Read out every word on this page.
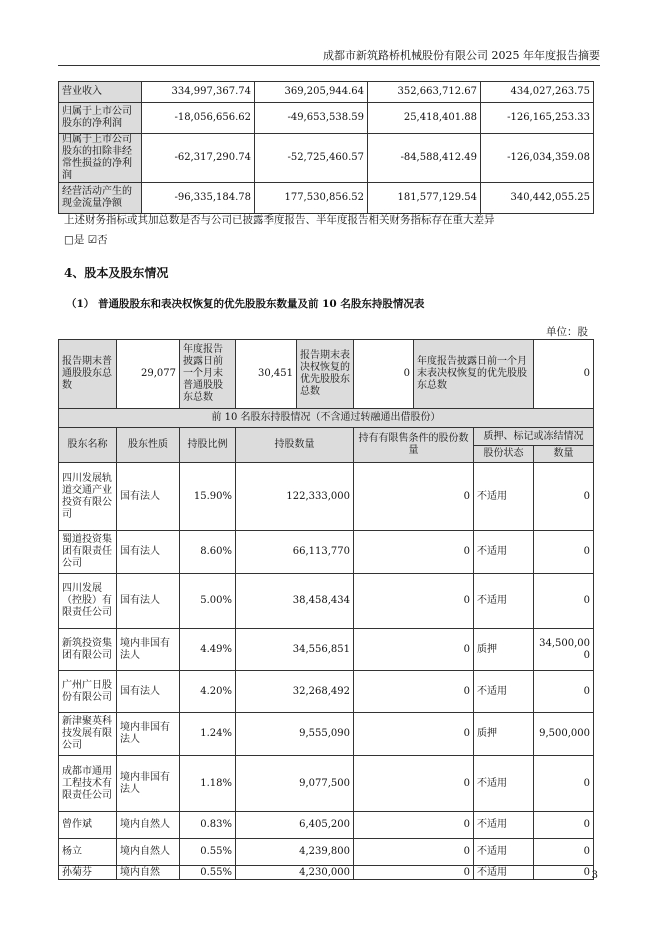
成都市新筑路桥机械股份有限公司 2025 年年度报告摘要
营业收入	334,997,367.74	369,205,944.64	352,663,712.67	434,027,263.75
归属于上市公司股东的净利润	-18,056,656.62	-49,653,538.59	25,418,401.88	-126,165,253.33
归属于上市公司股东的扣除非经常性损益的净利润	-62,317,290.74	-52,725,460.57	-84,588,412.49	-126,034,359.08
经营活动产生的现金流量净额	-96,335,184.78	177,530,856.52	181,577,129.54	340,442,055.25
上述财务指标或其加总数是否与公司已披露季度报告、半年度报告相关财务指标存在重大差异
□是 ☑否
4、股本及股东情况
（1） 普通股股东和表决权恢复的优先股股东数量及前 10 名股东持股情况表
单位：股
报告期末普通股股东总数	29,077	年度报告披露日前一个月末普通股股东总数	30,451	报告期末表决权恢复的优先股股东总数	0	年度报告披露日前一个月末表决权恢复的优先股股东总数		0
前 10 名股东持股情况（不含通过转融通出借股份）								
股东名称	股东性质	持股比例	持股数量		持有有限售条件的股份数量		质押、标记或冻结情况	
							股份状态	数量
四川发展轨道交通产业投资有限公司	国有法人	15.90%	122,333,000		0		不适用	0
蜀道投资集团有限责任公司	国有法人	8.60%	66,113,770		0		不适用	0
四川发展（控股）有限责任公司	国有法人	5.00%	38,458,434		0		不适用	0
新筑投资集团有限公司	境内非国有法人	4.49%	34,556,851		0		质押	34,500,000
广州广日股份有限公司	国有法人	4.20%	32,268,492		0		不适用	0
新津聚英科技发展有限公司	境内非国有法人	1.24%	9,555,090		0		质押	9,500,000
成都市通用工程技术有限责任公司	境内非国有法人	1.18%	9,077,500		0		不适用	0
曾作斌	境内自然人	0.83%	6,405,200		0		不适用	0
杨立	境内自然人	0.55%	4,239,800		0		不适用	0
孙菊芬	境内自然	0.55%	4,230,000		0		不适用	0 3
